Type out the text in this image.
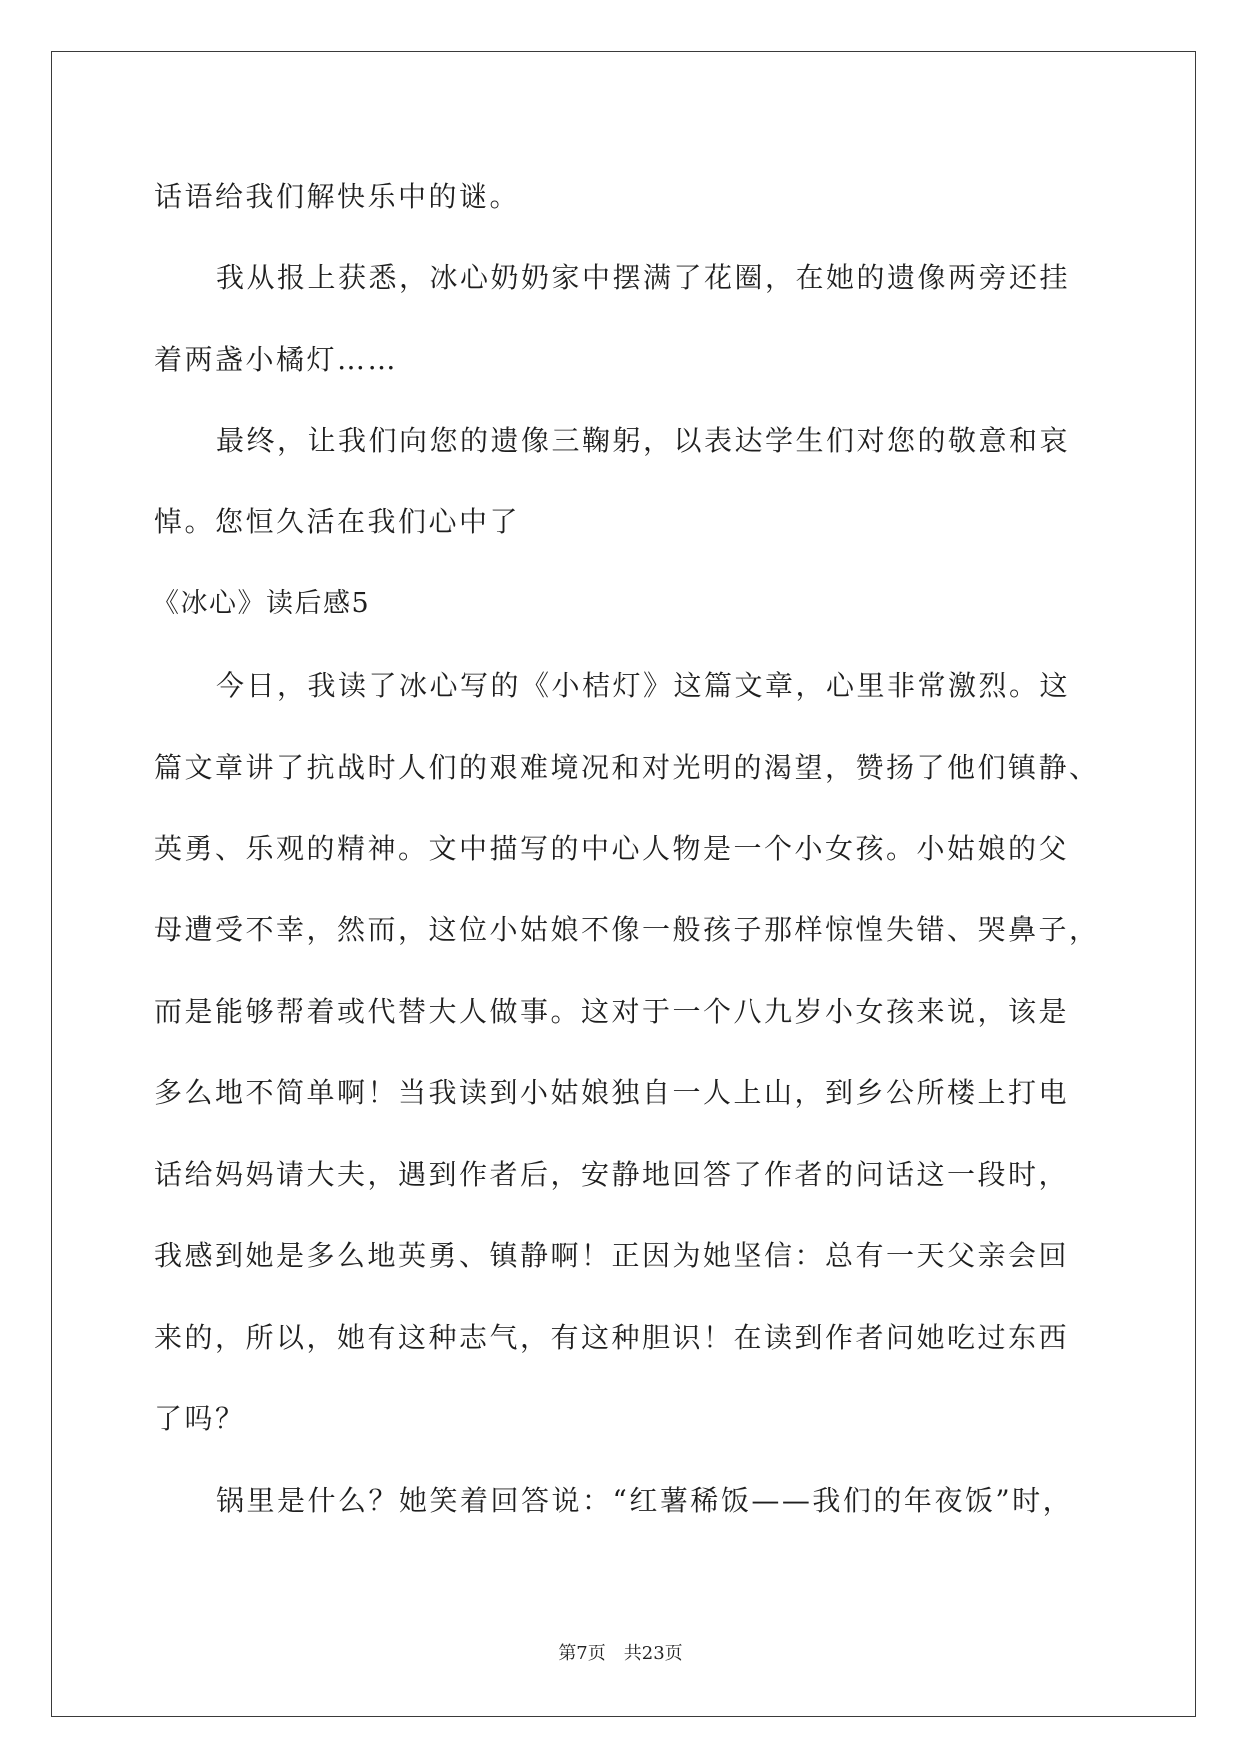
话语给我们解快乐中的谜。
我从报上获悉，冰心奶奶家中摆满了花圈，在她的遗像两旁还挂
着两盏小橘灯……
最终，让我们向您的遗像三鞠躬，以表达学生们对您的敬意和哀
悼。您恒久活在我们心中了
《冰心》读后感5
今日，我读了冰心写的《小桔灯》这篇文章，心里非常激烈。这
篇文章讲了抗战时人们的艰难境况和对光明的渴望，赞扬了他们镇静、
英勇、乐观的精神。文中描写的中心人物是一个小女孩。小姑娘的父
母遭受不幸，然而，这位小姑娘不像一般孩子那样惊惶失错、哭鼻子，
而是能够帮着或代替大人做事。这对于一个八九岁小女孩来说，该是
多么地不简单啊！当我读到小姑娘独自一人上山，到乡公所楼上打电
话给妈妈请大夫，遇到作者后，安静地回答了作者的问话这一段时，
我感到她是多么地英勇、镇静啊！正因为她坚信：总有一天父亲会回
来的，所以，她有这种志气，有这种胆识！在读到作者问她吃过东西
了吗？
锅里是什么？她笑着回答说：“红薯稀饭——我们的年夜饭”时，
第7页　共23页
